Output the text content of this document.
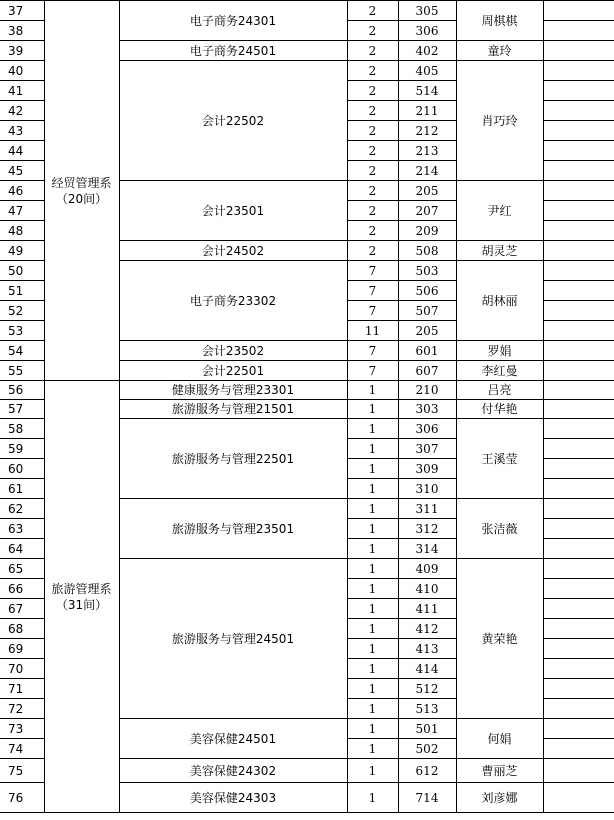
37	经贸管理系（20间）	电子商务24301	2	305	周棋棋	
38			2	306		
39		电子商务24501	2	402	童玲	
40		会计22502	2	405	肖巧玲	
41			2	514		
42			2	211		
43			2	212		
44			2	213		
45			2	214		
46		会计23501	2	205	尹红	
47			2	207		
48			2	209		
49		会计24502	2	508	胡灵芝	
50		电子商务23302	7	503	胡林丽	
51			7	506		
52			7	507		
53			11	205		
54		会计23502	7	601	罗娟	
55		会计22501	7	607	李红曼	
56	旅游管理系（31间）	健康服务与管理23301	1	210	吕亮	
57		旅游服务与管理21501	1	303	付华艳	
58		旅游服务与管理22501	1	306	王溪莹	
59			1	307		
60			1	309		
61			1	310		
62		旅游服务与管理23501	1	311	张洁薇	
63			1	312		
64			1	314		
65		旅游服务与管理24501	1	409	黄荣艳	
66			1	410		
67			1	411		
68			1	412		
69			1	413		
70			1	414		
71			1	512		
72			1	513		
73		美容保健24501	1	501	何娟	
74			1	502		
75		美容保健24302	1	612	曹丽芝	
76		美容保健24303	1	714	刘彦娜	
